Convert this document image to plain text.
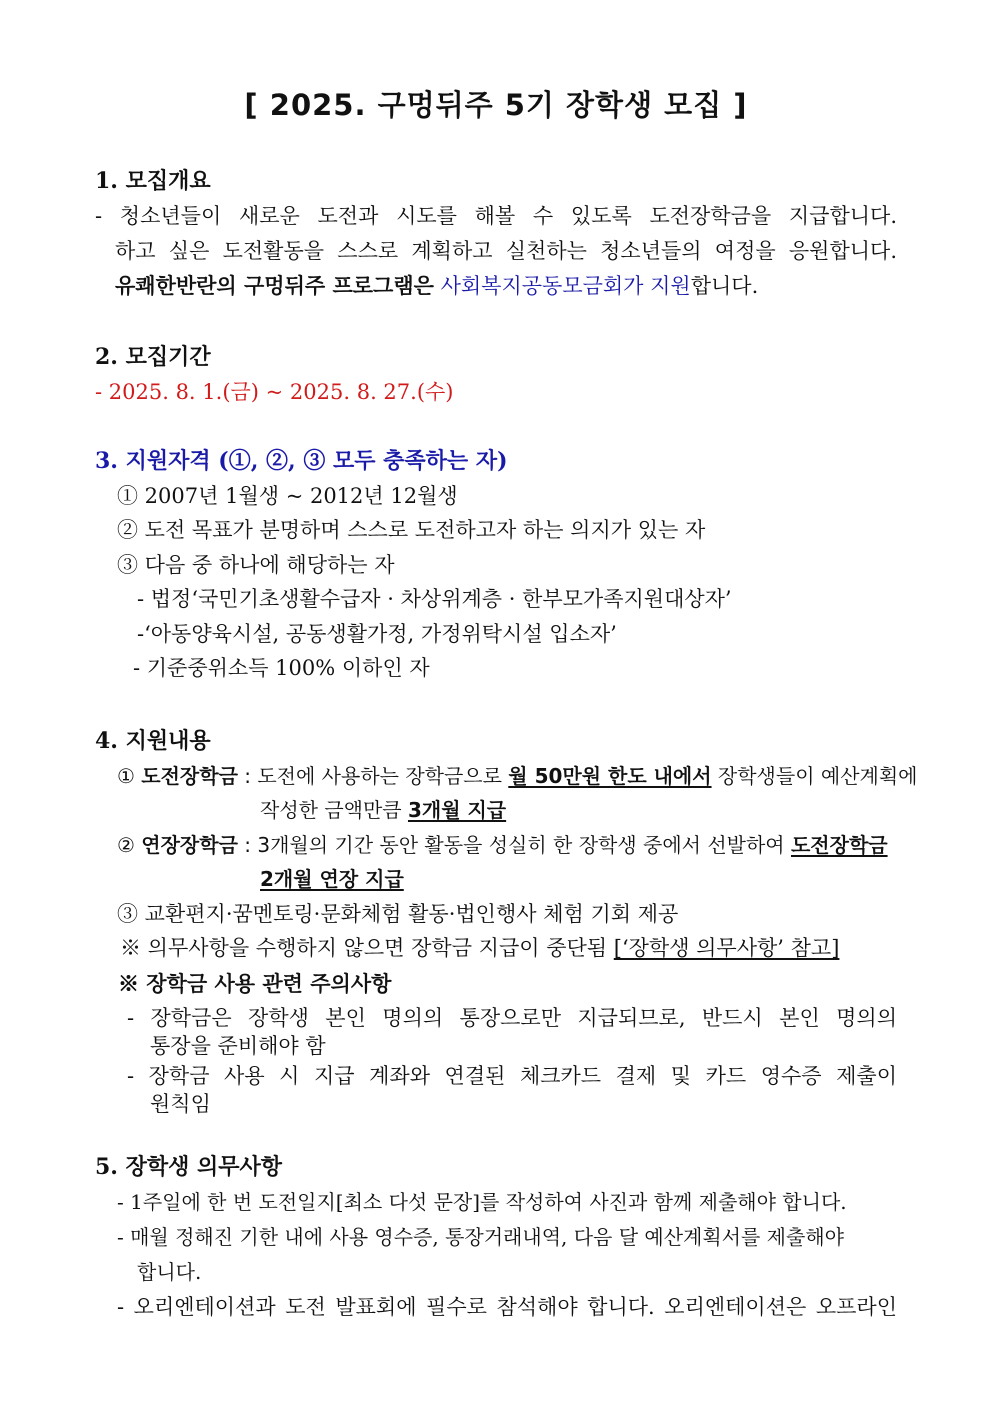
[ 2025. 구멍뒤주 5기 장학생 모집 ]
1. 모집개요
- 청소년들이 새로운 도전과 시도를 해볼 수 있도록 도전장학금을 지급합니다.
하고 싶은 도전활동을 스스로 계획하고 실천하는 청소년들의 여정을 응원합니다.
유쾌한반란의 구멍뒤주 프로그램은 사회복지공동모금회가 지원합니다.
2. 모집기간
- 2025. 8. 1.(금) ~ 2025. 8. 27.(수)
3. 지원자격 (①, ②, ③ 모두 충족하는 자)
① 2007년 1월생 ~ 2012년 12월생
② 도전 목표가 분명하며 스스로 도전하고자 하는 의지가 있는 자
③ 다음 중 하나에 해당하는 자
- 법정‘국민기초생활수급자 · 차상위계층 · 한부모가족지원대상자’
-‘아동양육시설, 공동생활가정, 가정위탁시설 입소자’
- 기준중위소득 100% 이하인 자
4. 지원내용
① 도전장학금 : 도전에 사용하는 장학금으로 월 50만원 한도 내에서 장학생들이 예산계획에
작성한 금액만큼 3개월 지급
② 연장장학금 : 3개월의 기간 동안 활동을 성실히 한 장학생 중에서 선발하여 도전장학금
2개월 연장 지급
③ 교환편지·꿈멘토링·문화체험 활동·법인행사 체험 기회 제공
※ 의무사항을 수행하지 않으면 장학금 지급이 중단됨 [‘장학생 의무사항’ 참고]
※ 장학금 사용 관련 주의사항
- 장학금은 장학생 본인 명의의 통장으로만 지급되므로, 반드시 본인 명의의
통장을 준비해야 함
- 장학금 사용 시 지급 계좌와 연결된 체크카드 결제 및 카드 영수증 제출이
원칙임
5. 장학생 의무사항
- 1주일에 한 번 도전일지[최소 다섯 문장]를 작성하여 사진과 함께 제출해야 합니다.
- 매월 정해진 기한 내에 사용 영수증, 통장거래내역, 다음 달 예산계획서를 제출해야
합니다.
- 오리엔테이션과 도전 발표회에 필수로 참석해야 합니다. 오리엔테이션은 오프라인
